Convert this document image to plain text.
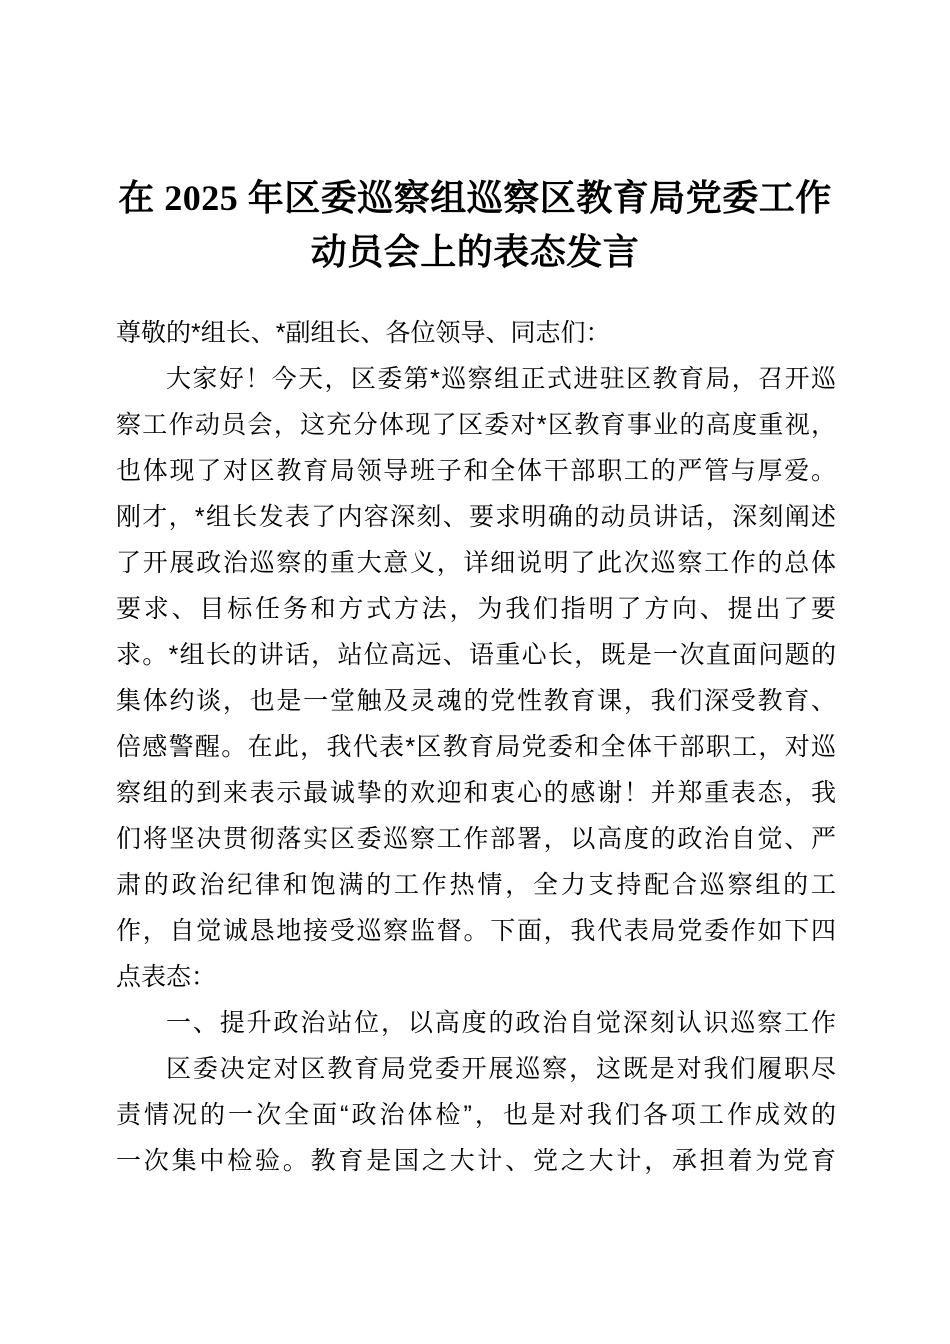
在 2025 年区委巡察组巡察区教育局党委工作
动员会上的表态发言
尊敬的*组长、*副组长、各位领导、同志们：
大家好！今天，区委第*巡察组正式进驻区教育局，召开巡
察工作动员会，这充分体现了区委对*区教育事业的高度重视，
也体现了对区教育局领导班子和全体干部职工的严管与厚爱。
刚才，*组长发表了内容深刻、要求明确的动员讲话，深刻阐述
了开展政治巡察的重大意义，详细说明了此次巡察工作的总体
要求、目标任务和方式方法，为我们指明了方向、提出了要
求。*组长的讲话，站位高远、语重心长，既是一次直面问题的
集体约谈，也是一堂触及灵魂的党性教育课，我们深受教育、
倍感警醒。在此，我代表*区教育局党委和全体干部职工，对巡
察组的到来表示最诚挚的欢迎和衷心的感谢！并郑重表态，我
们将坚决贯彻落实区委巡察工作部署，以高度的政治自觉、严
肃的政治纪律和饱满的工作热情，全力支持配合巡察组的工
作，自觉诚恳地接受巡察监督。下面，我代表局党委作如下四
点表态：
一、提升政治站位，以高度的政治自觉深刻认识巡察工作
区委决定对区教育局党委开展巡察，这既是对我们履职尽
责情况的一次全面“政治体检”，也是对我们各项工作成效的
一次集中检验。教育是国之大计、党之大计，承担着为党育
